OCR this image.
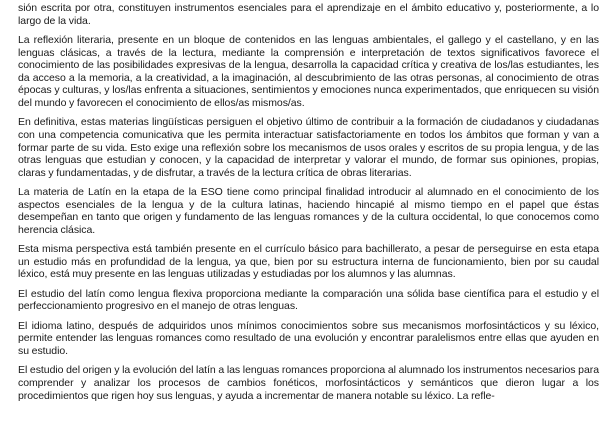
sión escrita por otra, constituyen instrumentos esenciales para el aprendizaje en el ámbito educativo y, posteriormente, a lo largo de la vida.

La reflexión literaria, presente en un bloque de contenidos en las lenguas ambientales, el gallego y el castellano, y en las lenguas clásicas, a través de la lectura, mediante la comprensión e interpretación de textos significativos favorece el conocimiento de las posibilidades expresivas de la lengua, desarrolla la capacidad crítica y creativa de los/las estudiantes, les da acceso a la memoria, a la creatividad, a la imaginación, al descubrimiento de las otras personas, al conocimiento de otras épocas y culturas, y los/las enfrenta a situaciones, sentimientos y emociones nunca experimentados, que enriquecen su visión del mundo y favorecen el conocimiento de ellos/as mismos/as.

En definitiva, estas materias lingüísticas persiguen el objetivo último de contribuir a la formación de ciudadanos y ciudadanas con una competencia comunicativa que les permita interactuar satisfactoriamente en todos los ámbitos que forman y van a formar parte de su vida. Esto exige una reflexión sobre los mecanismos de usos orales y escritos de su propia lengua, y de las otras lenguas que estudian y conocen, y la capacidad de interpretar y valorar el mundo, de formar sus opiniones, propias, claras y fundamentadas, y de disfrutar, a través de la lectura crítica de obras literarias.

La materia de Latín en la etapa de la ESO tiene como principal finalidad introducir al alumnado en el conocimiento de los aspectos esenciales de la lengua y de la cultura latinas, haciendo hincapié al mismo tiempo en el papel que éstas desempeñan en tanto que origen y fundamento de las lenguas romances y de la cultura occidental, lo que conocemos como herencia clásica.

Esta misma perspectiva está también presente en el currículo básico para bachillerato, a pesar de perseguirse en esta etapa un estudio más en profundidad de la lengua, ya que, bien por su estructura interna de funcionamiento, bien por su caudal léxico, está muy presente en las lenguas utilizadas y estudiadas por los alumnos y las alumnas.

El estudio del latín como lengua flexiva proporciona mediante la comparación una sólida base científica para el estudio y el perfeccionamiento progresivo en el manejo de otras lenguas.

El idioma latino, después de adquiridos unos mínimos conocimientos sobre sus mecanismos morfosintácticos y su léxico, permite entender las lenguas romances como resultado de una evolución y encontrar paralelismos entre ellas que ayuden en su estudio.

El estudio del origen y la evolución del latín a las lenguas romances proporciona al alumnado los instrumentos necesarios para comprender y analizar los procesos de cambios fonéticos, morfosintácticos y semánticos que dieron lugar a los procedimientos que rigen hoy sus lenguas, y ayuda a incrementar de manera notable su léxico. La refle-
